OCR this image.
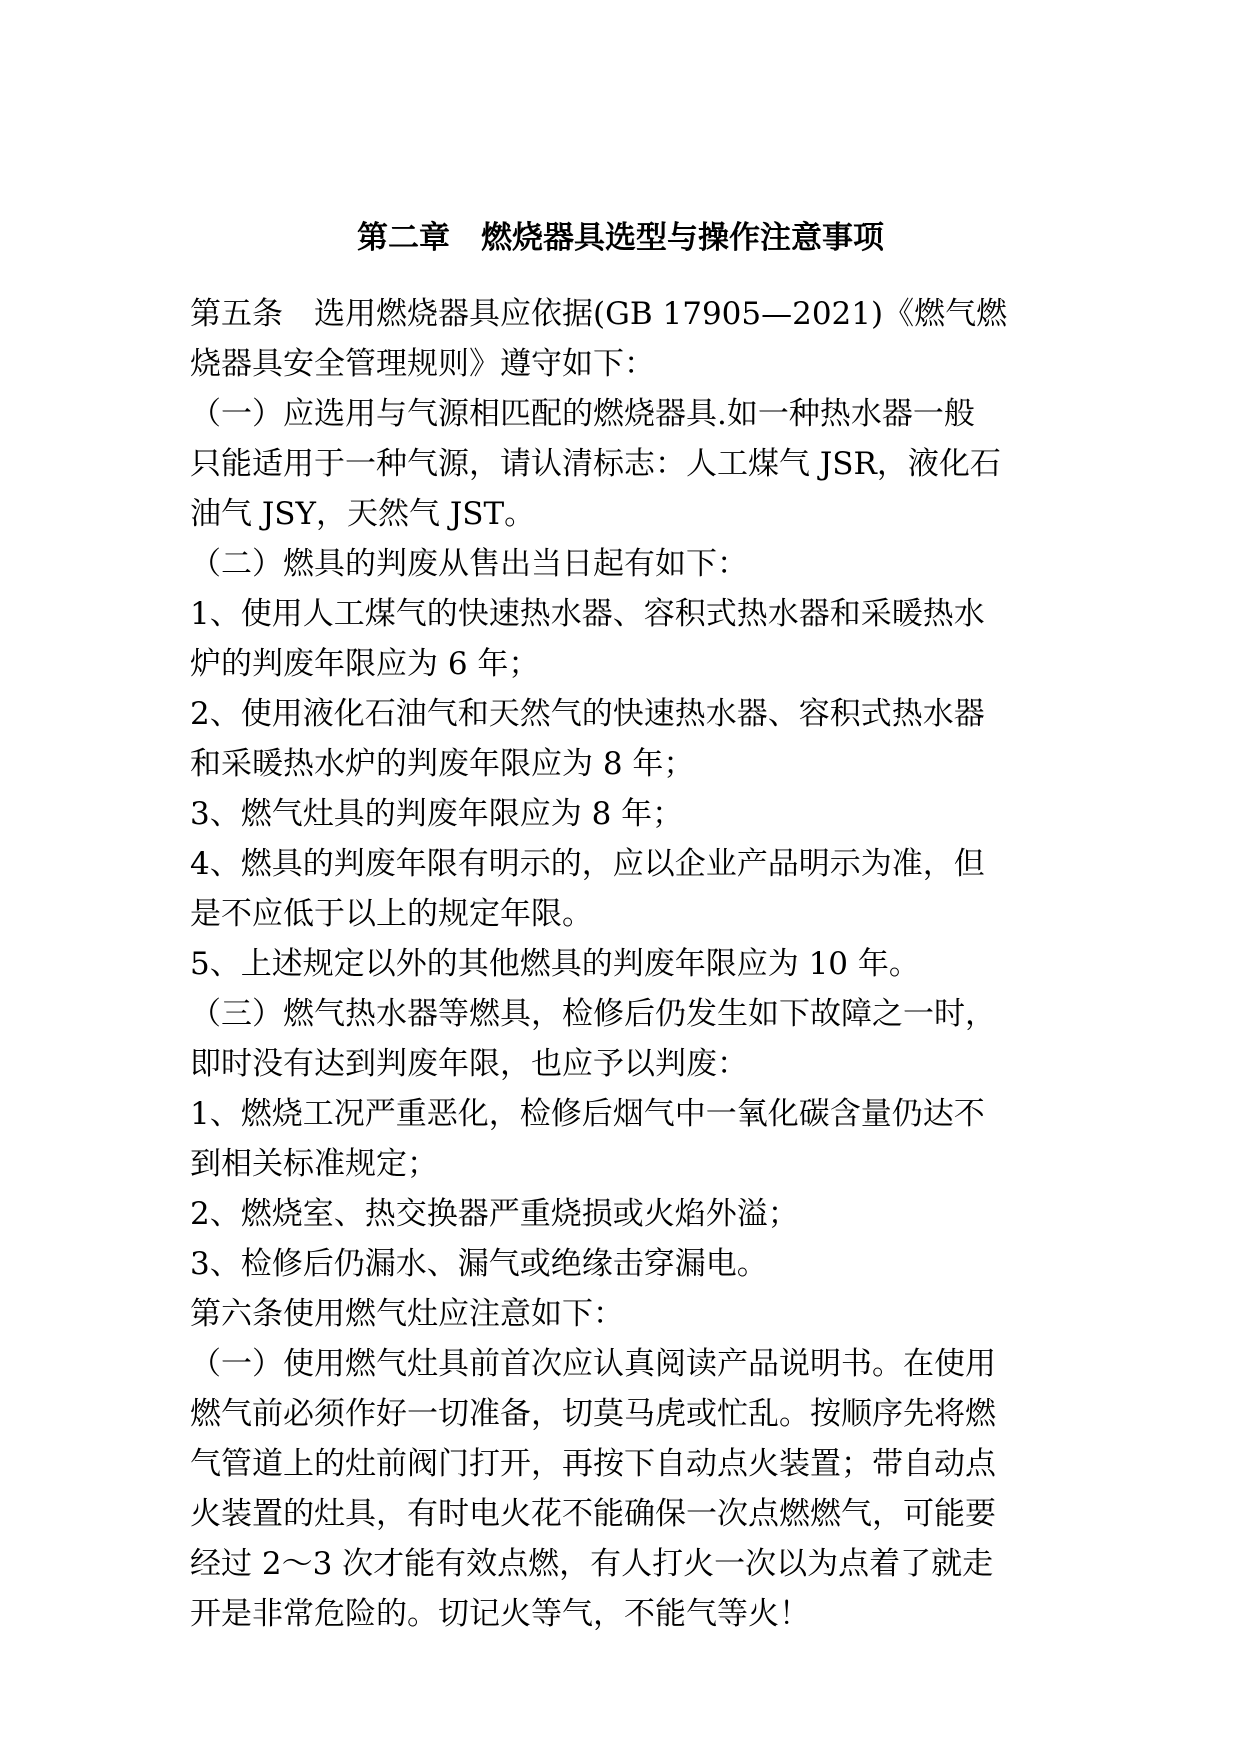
第二章　燃烧器具选型与操作注意事项
第五条　选用燃烧器具应依据(GB 17905—2021)《燃气燃
烧器具安全管理规则》遵守如下：
（一）应选用与气源相匹配的燃烧器具.如一种热水器一般
只能适用于一种气源，请认清标志：人工煤气 JSR，液化石
油气 JSY，天然气 JST。
（二）燃具的判废从售出当日起有如下：
1、使用人工煤气的快速热水器、容积式热水器和采暖热水
炉的判废年限应为 6 年；
2、使用液化石油气和天然气的快速热水器、容积式热水器
和采暖热水炉的判废年限应为 8 年；
3、燃气灶具的判废年限应为 8 年；
4、燃具的判废年限有明示的，应以企业产品明示为准，但
是不应低于以上的规定年限。
5、上述规定以外的其他燃具的判废年限应为 10 年。
（三）燃气热水器等燃具，检修后仍发生如下故障之一时，
即时没有达到判废年限，也应予以判废：
1、燃烧工况严重恶化，检修后烟气中一氧化碳含量仍达不
到相关标准规定；
2、燃烧室、热交换器严重烧损或火焰外溢；
3、检修后仍漏水、漏气或绝缘击穿漏电。
第六条使用燃气灶应注意如下：
（一）使用燃气灶具前首次应认真阅读产品说明书。在使用
燃气前必须作好一切准备，切莫马虎或忙乱。按顺序先将燃
气管道上的灶前阀门打开，再按下自动点火装置；带自动点
火装置的灶具，有时电火花不能确保一次点燃燃气，可能要
经过 2～3 次才能有效点燃，有人打火一次以为点着了就走
开是非常危险的。切记火等气，不能气等火！
